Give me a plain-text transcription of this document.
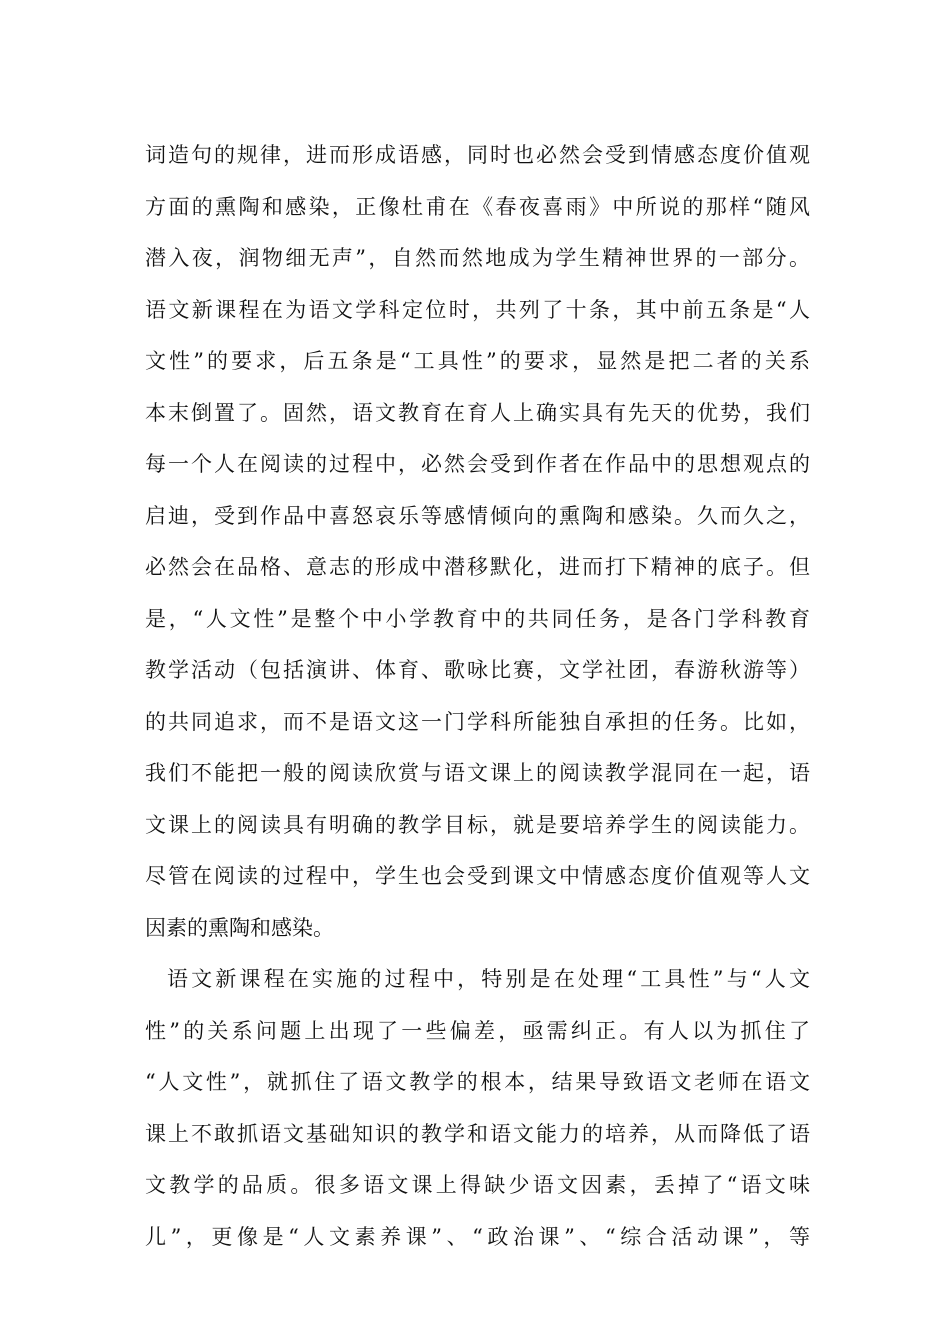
词造句的规律，进而形成语感，同时也必然会受到情感态度价值观
方面的熏陶和感染，正像杜甫在《春夜喜雨》中所说的那样“随风
潜入夜，润物细无声”，自然而然地成为学生精神世界的一部分。
语文新课程在为语文学科定位时，共列了十条，其中前五条是“人
文性”的要求，后五条是“工具性”的要求，显然是把二者的关系
本末倒置了。固然，语文教育在育人上确实具有先天的优势，我们
每一个人在阅读的过程中，必然会受到作者在作品中的思想观点的
启迪，受到作品中喜怒哀乐等感情倾向的熏陶和感染。久而久之，
必然会在品格、意志的形成中潜移默化，进而打下精神的底子。但
是，“人文性”是整个中小学教育中的共同任务，是各门学科教育
教学活动（包括演讲、体育、歌咏比赛，文学社团，春游秋游等）
的共同追求，而不是语文这一门学科所能独自承担的任务。比如，
我们不能把一般的阅读欣赏与语文课上的阅读教学混同在一起，语
文课上的阅读具有明确的教学目标，就是要培养学生的阅读能力。
尽管在阅读的过程中，学生也会受到课文中情感态度价值观等人文
因素的熏陶和感染。
语文新课程在实施的过程中，特别是在处理“工具性”与“人文
性”的关系问题上出现了一些偏差，亟需纠正。有人以为抓住了
“人文性”，就抓住了语文教学的根本，结果导致语文老师在语文
课上不敢抓语文基础知识的教学和语文能力的培养，从而降低了语
文教学的品质。很多语文课上得缺少语文因素，丢掉了“语文味
儿”，更像是“人文素养课”、“政治课”、“综合活动课”，等
